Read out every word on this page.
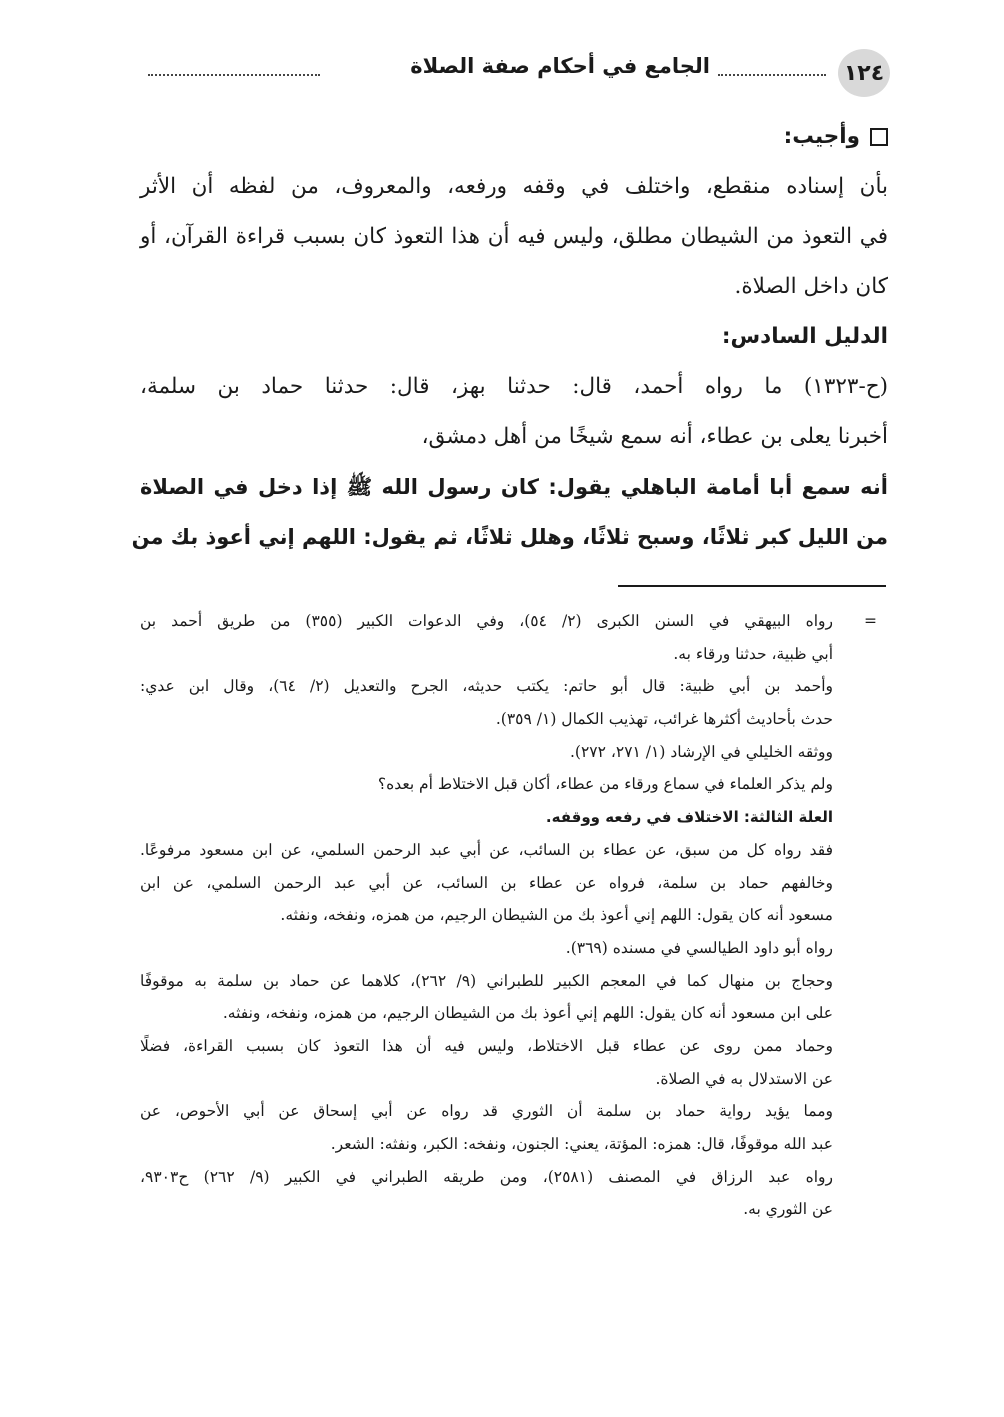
١٢٤
الجامع في أحكام صفة الصلاة
وأجيب:
بأن إسناده منقطع، واختلف في وقفه ورفعه، والمعروف، من لفظه أن الأثر
في التعوذ من الشيطان مطلق، وليس فيه أن هذا التعوذ كان بسبب قراءة القرآن، أو
كان داخل الصلاة.
الدليل السادس:
(ح-١٣٢٣) ما رواه أحمد، قال: حدثنا بهز، قال: حدثنا حماد بن سلمة،
أخبرنا يعلى بن عطاء، أنه سمع شيخًا من أهل دمشق،
أنه سمع أبا أمامة الباهلي يقول: كان رسول الله ﷺ إذا دخل في الصلاة
من الليل كبر ثلاثًا، وسبح ثلاثًا، وهلل ثلاثًا، ثم يقول: اللهم إني أعوذ بك من
=
رواه البيهقي في السنن الكبرى (٢/ ٥٤)، وفي الدعوات الكبير (٣٥٥) من طريق أحمد بن
أبي ظبية، حدثنا ورقاء به.
وأحمد بن أبي ظبية: قال أبو حاتم: يكتب حديثه، الجرح والتعديل (٢/ ٦٤)، وقال ابن عدي:
حدث بأحاديث أكثرها غرائب، تهذيب الكمال (١/ ٣٥٩).
ووثقه الخليلي في الإرشاد (١/ ٢٧١، ٢٧٢).
ولم يذكر العلماء في سماع ورقاء من عطاء، أكان قبل الاختلاط أم بعده؟
العلة الثالثة: الاختلاف في رفعه ووقفه.
فقد رواه كل من سبق، عن عطاء بن السائب، عن أبي عبد الرحمن السلمي، عن ابن مسعود مرفوعًا.
وخالفهم حماد بن سلمة، فرواه عن عطاء بن السائب، عن أبي عبد الرحمن السلمي، عن ابن
مسعود أنه كان يقول: اللهم إني أعوذ بك من الشيطان الرجيم، من همزه، ونفخه، ونفثه.
رواه أبو داود الطيالسي في مسنده (٣٦٩).
وحجاج بن منهال كما في المعجم الكبير للطبراني (٩/ ٢٦٢)، كلاهما عن حماد بن سلمة به موقوفًا
على ابن مسعود أنه كان يقول: اللهم إني أعوذ بك من الشيطان الرجيم، من همزه، ونفخه، ونفثه.
وحماد ممن روى عن عطاء قبل الاختلاط، وليس فيه أن هذا التعوذ كان بسبب القراءة، فضلًا
عن الاستدلال به في الصلاة.
ومما يؤيد رواية حماد بن سلمة أن الثوري قد رواه عن أبي إسحاق عن أبي الأحوص، عن
عبد الله موقوفًا، قال: همزه: المؤتة، يعني: الجنون، ونفخه: الكبر، ونفثه: الشعر.
رواه عبد الرزاق في المصنف (٢٥٨١)، ومن طريقه الطبراني في الكبير (٩/ ٢٦٢) ح٩٣٠٣،
عن الثوري به.
